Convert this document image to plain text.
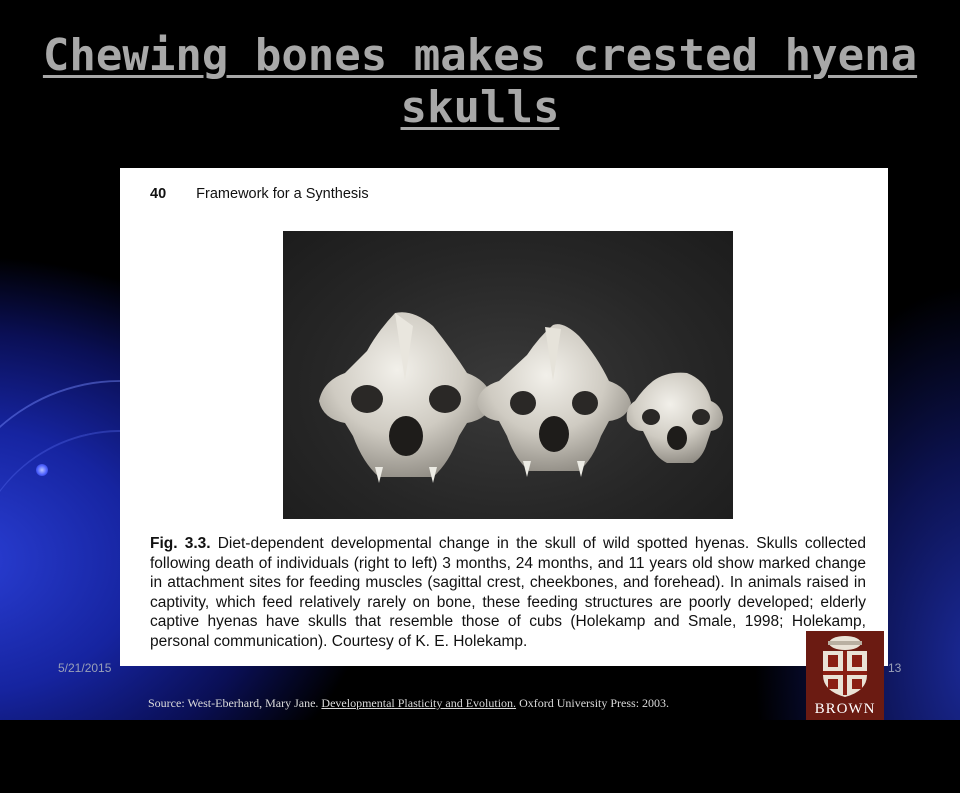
Chewing bones makes crested hyena skulls
40 Framework for a Synthesis
Fig. 3.3. Diet-dependent developmental change in the skull of wild spotted hyenas. Skulls collected following death of individuals (right to left) 3 months, 24 months, and 11 years old show marked change in attachment sites for feeding muscles (sagittal crest, cheekbones, and forehead). In animals raised in captivity, which feed relatively rarely on bone, these feeding structures are poorly developed; elderly captive hyenas have skulls that resemble those of cubs (Holekamp and Smale, 1998; Holekamp, personal communication). Courtesy of K. E. Holekamp.
5/21/2015	13
Source: West-Eberhard, Mary Jane. Developmental Plasticity and Evolution. Oxford University Press: 2003.	BROWN
